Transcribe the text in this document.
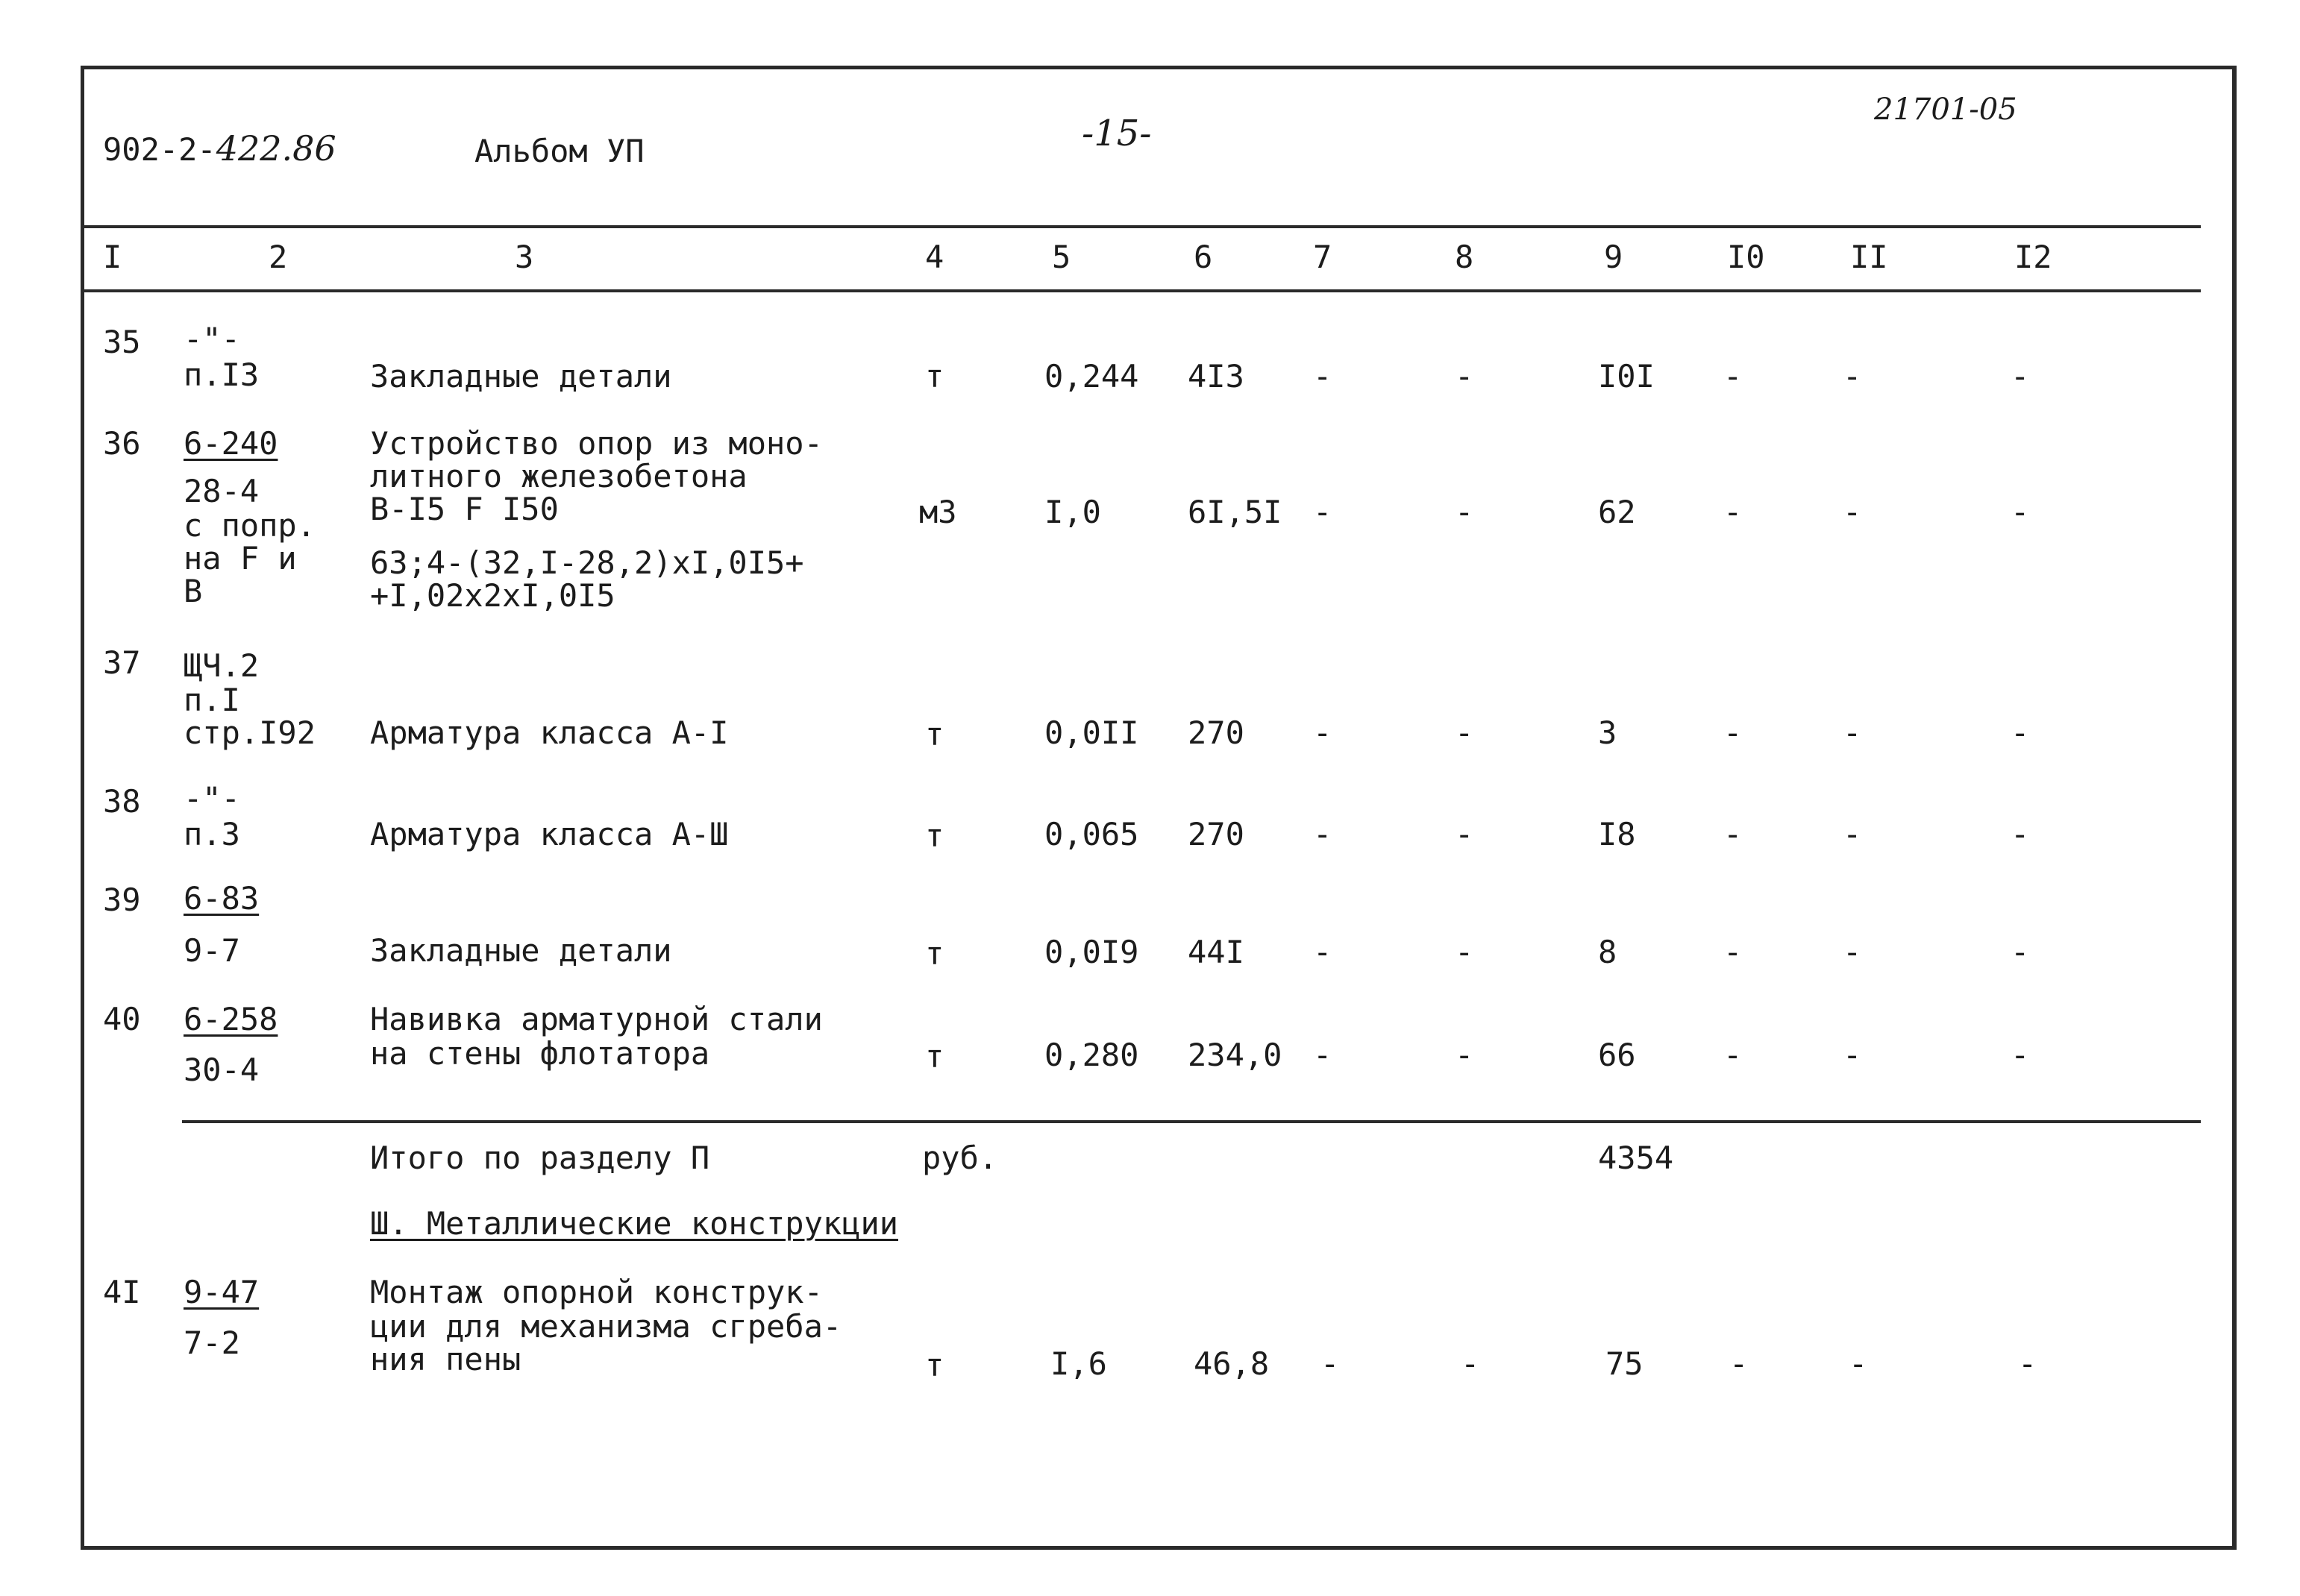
902-2-422.86	Альбом УП	-15-
21701-05
I	2	3	4	5	6	7	8	9	I0	II	I2
35 -"-
п.I3	Закладные детали	т	0,244 4I3 -	-	I0I -	-	-
36 6-240
28-4
с попр.
на F и
В
Устройство опор из моно-
литного железобетона
В-I5 F I50
63;4-(32,I-28,2)хI,0I5+
+I,02х2хI,0I5
м3	I,0	6I,5I -	-	62	-	-	-
37 ЩЧ.2
п.I
стр.I92 Арматура класса А-I	т	0,0II 270 -	-	3	-	-	-
38 -"-
п.3	Арматура класса А-Ш	т	0,065 270 -	-	I8	-	-	-
39 6-83
9-7	Закладные детали	т	0,0I9 44I -	-	8	-	-	-
40 6-258
30-4
Навивка арматурной стали
на стены флотатора	т	0,280 234,0 -	-	66	-	-	-
Итого по разделу П	руб.	4354
Ш. Металлические конструкции
4I 9-47
7-2
Монтаж опорной конструк-
ции для механизма сгреба-
ния пены	т	I,6	46,8 -	-	75	-	-	-
